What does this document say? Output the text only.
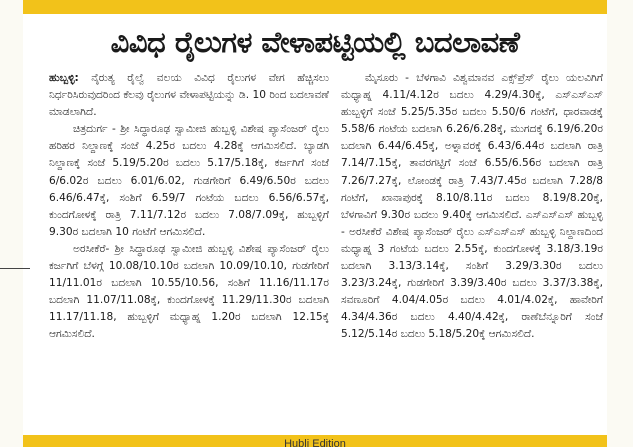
ವಿವಿಧ ರೈಲುಗಳ ವೇಳಾಪಟ್ಟಿಯಲ್ಲಿ ಬದಲಾವಣೆ

ಹುಬ್ಬಳ್ಳಿ: ನೈರುತ್ಯ ರೈಲ್ವೆ ವಲಯ ವಿವಿಧ ರೈಲುಗಳ ವೇಗ ಹೆಚ್ಚಿಸಲು ನಿರ್ಧರಿಸಿರುವುದರಿಂದ ಕೆಲವು ರೈಲುಗಳ ವೇಳಾಪಟ್ಟಿಯನ್ನು ಡಿ. 10 ರಿಂದ ಬದಲಾವಣೆ ಮಾಡಲಾಗಿದೆ.

ಚಿತ್ರದುರ್ಗ - ಶ್ರೀ ಸಿದ್ಧಾರೂಢ ಸ್ವಾಮೀಜಿ ಹುಬ್ಬಳ್ಳಿ ವಿಶೇಷ ಪ್ಯಾಸೆಂಜರ್ ರೈಲು ಹರಿಹರ ನಿಲ್ದಾಣಕ್ಕೆ ಸಂಜೆ 4.25ರ ಬದಲು 4.28ಕ್ಕೆ ಆಗಮಿಸಲಿದೆ. ಬ್ಯಾಡಗಿ ನಿಲ್ದಾಣಕ್ಕೆ ಸಂಜೆ 5.19/5.20ರ ಬದಲು 5.17/5.18ಕ್ಕೆ, ಕರ್ಜಗಿಗೆ ಸಂಜೆ 6/6.02ರ ಬದಲು 6.01/6.02, ಗುಡಗೇರಿಗೆ 6.49/6.50ರ ಬದಲು 6.46/6.47ಕ್ಕೆ, ಸಂಶಿಗೆ 6.59/7 ಗಂಟೆಯ ಬದಲು 6.56/6.57ಕ್ಕೆ, ಕುಂದಗೋಳಕ್ಕೆ ರಾತ್ರಿ 7.11/7.12ರ ಬದಲು 7.08/7.09ಕ್ಕೆ, ಹುಬ್ಬಳ್ಳಿಗೆ 9.30ರ ಬದಲಾಗಿ 10 ಗಂಟೆಗೆ ಆಗಮಿಸಲಿದೆ.

ಅರಸೀಕೆರೆ- ಶ್ರೀ ಸಿದ್ಧಾರೂಢ ಸ್ವಾಮೀಜಿ ಹುಬ್ಬಳ್ಳಿ ವಿಶೇಷ ಪ್ಯಾಸೆಂಜರ್ ರೈಲು ಕರ್ಜಗಿಗೆ ಬೆಳಗ್ಗೆ 10.08/10.10ರ ಬದಲಾಗಿ 10.09/10.10, ಗುಡಗೇರಿಗೆ 11/11.01ರ ಬದಲಾಗಿ 10.55/10.56, ಸಂಶಿಗೆ 11.16/11.17ರ ಬದಲಾಗಿ 11.07/11.08ಕ್ಕೆ, ಕುಂದಗೋಳಕ್ಕೆ 11.29/11.30ರ ಬದಲಾಗಿ 11.17/11.18, ಹುಬ್ಬಳ್ಳಿಗೆ ಮಧ್ಯಾಹ್ನ 1.20ರ ಬದಲಾಗಿ 12.15ಕ್ಕೆ ಆಗಮಿಸಲಿದೆ.

ಮೈಸೂರು - ಬೆಳಗಾವಿ ವಿಶ್ವಮಾನವ ಎಕ್ಸ್‌ಪ್ರೆಸ್ ರೈಲು ಯಲವಿಗಿಗೆ ಮಧ್ಯಾಹ್ನ 4.11/4.12ರ ಬದಲು 4.29/4.30ಕ್ಕೆ, ಎಸ್‌ಎಸ್‌ಎಸ್ ಹುಬ್ಬಳ್ಳಿಗೆ ಸಂಜೆ 5.25/5.35ರ ಬದಲು 5.50/6 ಗಂಟೆಗೆ, ಧಾರವಾಡಕ್ಕೆ 5.58/6 ಗಂಟೆಯ ಬದಲಾಗಿ 6.26/6.28ಕ್ಕೆ, ಮುಗದಕ್ಕೆ 6.19/6.20ರ ಬದಲಾಗಿ 6.44/6.45ಕ್ಕೆ, ಅಳ್ನಾವರಕ್ಕೆ 6.43/6.44ರ ಬದಲಾಗಿ ರಾತ್ರಿ 7.14/7.15ಕ್ಕೆ, ತಾವರಗಟ್ಟಿಗೆ ಸಂಜೆ 6.55/6.56ರ ಬದಲಾಗಿ ರಾತ್ರಿ 7.26/7.27ಕ್ಕೆ, ಲೋಂಡಕ್ಕೆ ರಾತ್ರಿ 7.43/7.45ರ ಬದಲಾಗಿ 7.28/8 ಗಂಟೆಗೆ, ಖಾನಾಪುರಕ್ಕೆ 8.10/8.11ರ ಬದಲು 8.19/8.20ಕ್ಕೆ, ಬೆಳಗಾವಿಗೆ 9.30ರ ಬದಲು 9.40ಕ್ಕೆ ಆಗಮಿಸಲಿದೆ. ಎಸ್‌ಎಸ್‌ಎಸ್ ಹುಬ್ಬಳ್ಳಿ - ಅರಸೀಕೆರೆ ವಿಶೇಷ ಪ್ಯಾಸೆಂಜರ್ ರೈಲು ಎಸ್‌ಎಸ್‌ಎಸ್ ಹುಬ್ಬಳ್ಳಿ ನಿಲ್ದಾಣದಿಂದ ಮಧ್ಯಾಹ್ನ 3 ಗಂಟೆಯ ಬದಲು 2.55ಕ್ಕೆ, ಕುಂದಗೋಳಕ್ಕೆ 3.18/3.19ರ ಬದಲಾಗಿ 3.13/3.14ಕ್ಕೆ, ಸಂಶಿಗೆ 3.29/3.30ರ ಬದಲು 3.23/3.24ಕ್ಕೆ, ಗುಡಗೇರಿಗೆ 3.39/3.40ರ ಬದಲು 3.37/3.38ಕ್ಕೆ, ಸವಣೂರಿಗೆ 4.04/4.05ರ ಬದಲು 4.01/4.02ಕ್ಕೆ, ಹಾವೇರಿಗೆ 4.34/4.36ರ ಬದಲು 4.40/4.42ಕ್ಕೆ, ರಾಣೆಬೆನ್ನೂರಿಗೆ ಸಂಜೆ 5.12/5.14ರ ಬದಲು 5.18/5.20ಕ್ಕೆ ಆಗಮಿಸಲಿದೆ.

Hubli Edition
